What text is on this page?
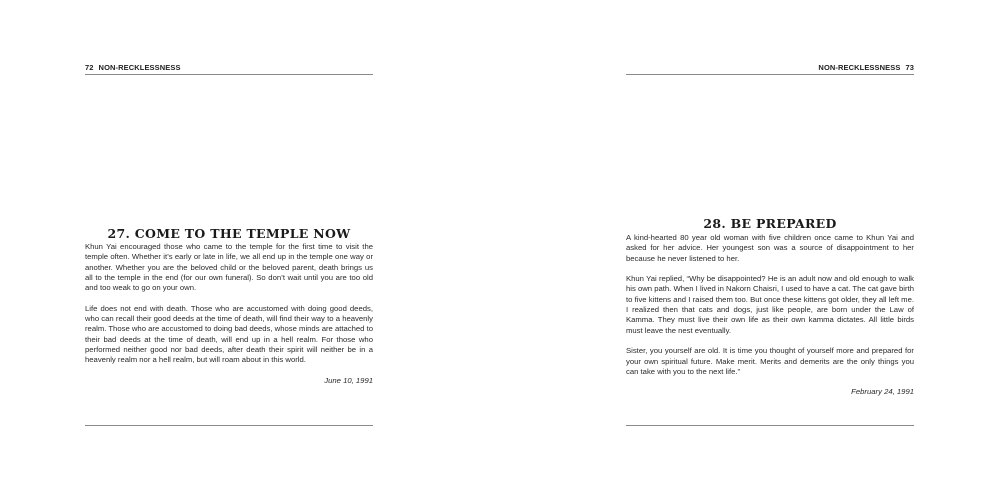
72 NON-RECKLESSNESS
27. COME TO THE TEMPLE NOW

Khun Yai encouraged those who came to the temple for the first time to visit the temple often. Whether it’s early or late in life, we all end up in the temple one way or another. Whether you are the beloved child or the beloved parent, death brings us all to the temple in the end (for our own funeral). So don’t wait until you are too old and too weak to go on your own.

Life does not end with death. Those who are accustomed with doing good deeds, who can recall their good deeds at the time of death, will find their way to a heavenly realm. Those who are accustomed to doing bad deeds, whose minds are attached to their bad deeds at the time of death, will end up in a hell realm. For those who performed neither good nor bad deeds, after death their spirit will neither be in a heavenly realm nor a hell realm, but will roam about in this world.

June 10, 1991
NON-RECKLESSNESS 73
28. BE PREPARED

A kind-hearted 80 year old woman with five children once came to Khun Yai and asked for her advice. Her youngest son was a source of disappointment to her because he never listened to her.

Khun Yai replied, “Why be disappointed? He is an adult now and old enough to walk his own path. When I lived in Nakorn Chaisri, I used to have a cat. The cat gave birth to five kittens and I raised them too. But once these kittens got older, they all left me. I realized then that cats and dogs, just like people, are born under the Law of Kamma. They must live their own life as their own kamma dictates. All little birds must leave the nest eventually.

Sister, you yourself are old. It is time you thought of yourself more and prepared for your own spiritual future. Make merit. Merits and demerits are the only things you can take with you to the next life.”

February 24, 1991
